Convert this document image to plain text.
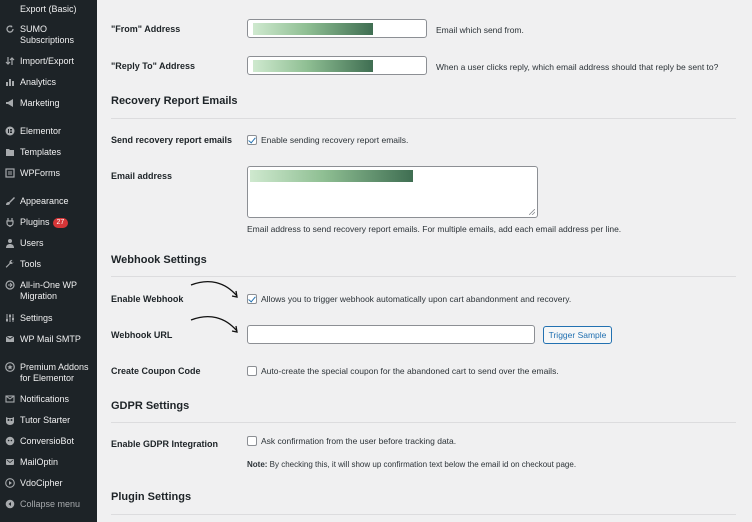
Export (Basic)
SUMO Subscriptions
Import/Export
Analytics
Marketing
Elementor
Templates
WPForms
Appearance
Plugins 27
Users
Tools
All-in-One WP Migration
Settings
WP Mail SMTP
Premium Addons for Elementor
Notifications
Tutor Starter
ConversioBot
MailOptin
VdoCipher
Collapse menu
"From" Address	Email which send from.
"Reply To" Address	When a user clicks reply, which email address should that reply be sent to?
Recovery Report Emails
Send recovery report emails	Enable sending recovery report emails.
Email address
Email address to send recovery report emails. For multiple emails, add each email address per line.
Webhook Settings
Enable Webhook	Allows you to trigger webhook automatically upon cart abandonment and recovery.
Webhook URL	Trigger Sample
Create Coupon Code	Auto-create the special coupon for the abandoned cart to send over the emails.
GDPR Settings
Enable GDPR Integration	Ask confirmation from the user before tracking data.
Note: By checking this, it will show up confirmation text below the email id on checkout page.
Plugin Settings
